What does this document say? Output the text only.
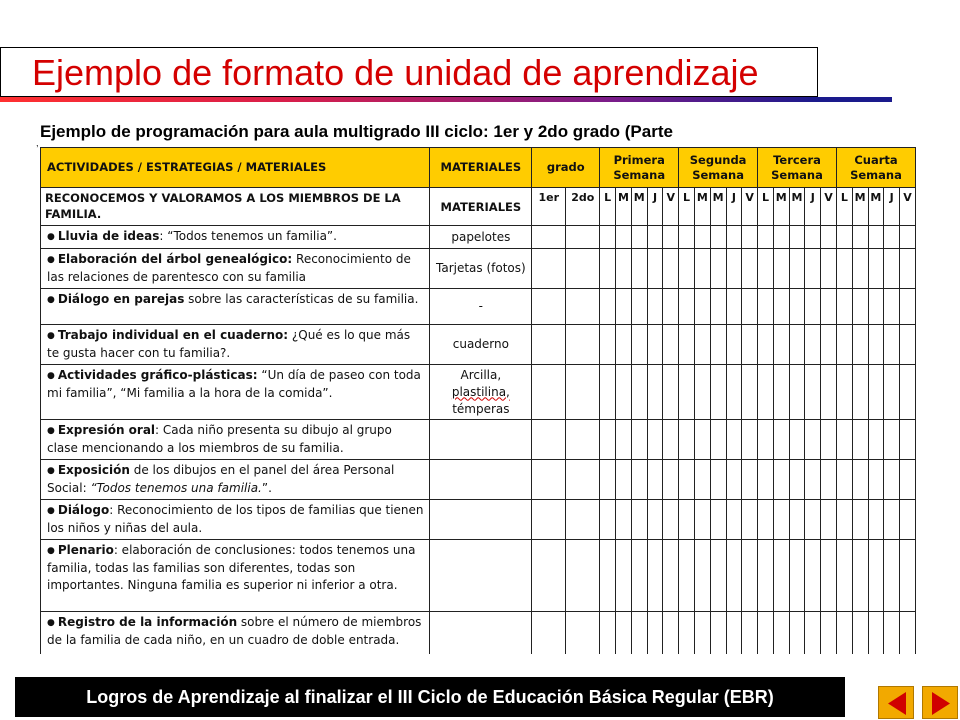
Ejemplo de formato de unidad de aprendizaje
Ejemplo de programación para aula multigrado III ciclo: 1er y 2do grado (Parte
,
ACTIVIDADES / ESTRATEGIAS / MATERIALES	MATERIALES	grado		Primera Semana					Segunda Semana					Tercera Semana					Cuarta Semana				
RECONOCEMOS Y VALORAMOS A LOS MIEMBROS DE LA FAMILIA.	MATERIALES	1er	2do	L	M	M	J	V	L	M	M	J	V	L	M	M	J	V	L	M	M	J	V
● Lluvia de ideas: “Todos tenemos un familia”.	papelotes																						
● Elaboración del árbol genealógico: Reconocimiento de las relaciones de parentesco con su familia	Tarjetas (fotos)																						
● Diálogo en parejas sobre las características de su familia.	-																						
● Trabajo individual en el cuaderno: ¿Qué es lo que más te gusta hacer con tu familia?.	cuaderno																						
● Actividades gráfico-plásticas: “Un día de paseo con toda mi familia”, “Mi familia a la hora de la comida”.	Arcilla,
plastilina,
témperas																						

● Expresión oral: Cada niño presenta su dibujo al grupo clase mencionando a los miembros de su familia.																							
● Exposición de los dibujos en el panel del área Personal Social: “Todos tenemos una familia.”.																							
● Diálogo: Reconocimiento de los tipos de familias que tienen los niños y niñas del aula.																							
● Plenario: elaboración de conclusiones: todos tenemos una familia, todas las familias son diferentes, todas son importantes. Ninguna familia es superior ni inferior a otra.																							
● Registro de la información sobre el número de miembros de la familia de cada niño, en un cuadro de doble entrada.																							
Logros de Aprendizaje al finalizar el III Ciclo de Educación Básica Regular (EBR)
